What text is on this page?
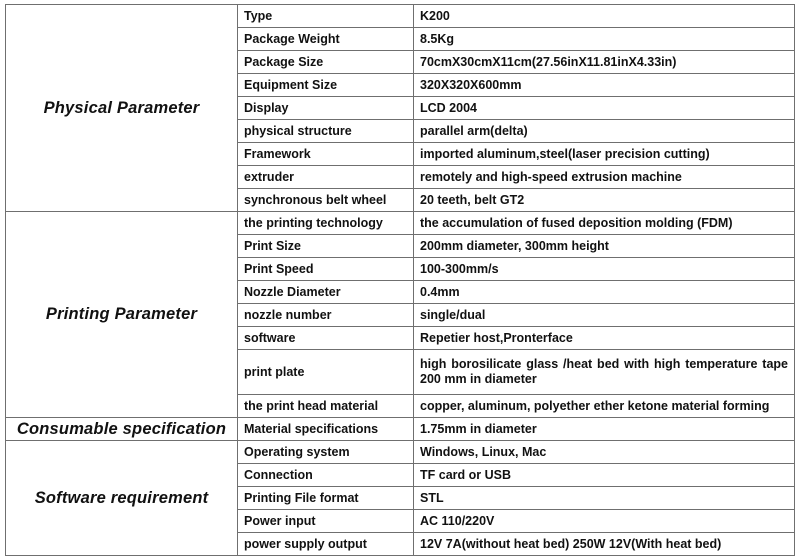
Physical Parameter	Type	K200
	Package Weight	8.5Kg
	Package Size	70cmX30cmX11cm(27.56inX11.81inX4.33in)
	Equipment Size	320X320X600mm
	Display	LCD 2004
	physical structure	parallel arm(delta)
	Framework	imported aluminum,steel(laser precision cutting)
	extruder	remotely and high-speed extrusion machine
	synchronous belt wheel	20 teeth, belt GT2
Printing Parameter	the printing technology	the accumulation of fused deposition molding (FDM)
	Print Size	200mm diameter, 300mm height
	Print Speed	100-300mm/s
	Nozzle Diameter	0.4mm
	nozzle number	single/dual
	software	Repetier host,Pronterface
	print plate	high borosilicate glass /heat bed with high temperature tape 200 mm in diameter

	the print head material	copper, aluminum, polyether ether ketone material forming
Consumable specification	Material specifications	1.75mm in diameter
Software requirement	Operating system	Windows, Linux, Mac
	Connection	TF card or USB
	Printing File format	STL
	Power input	AC 110/220V
	power supply output	12V 7A(without heat bed) 250W 12V(With heat bed)
